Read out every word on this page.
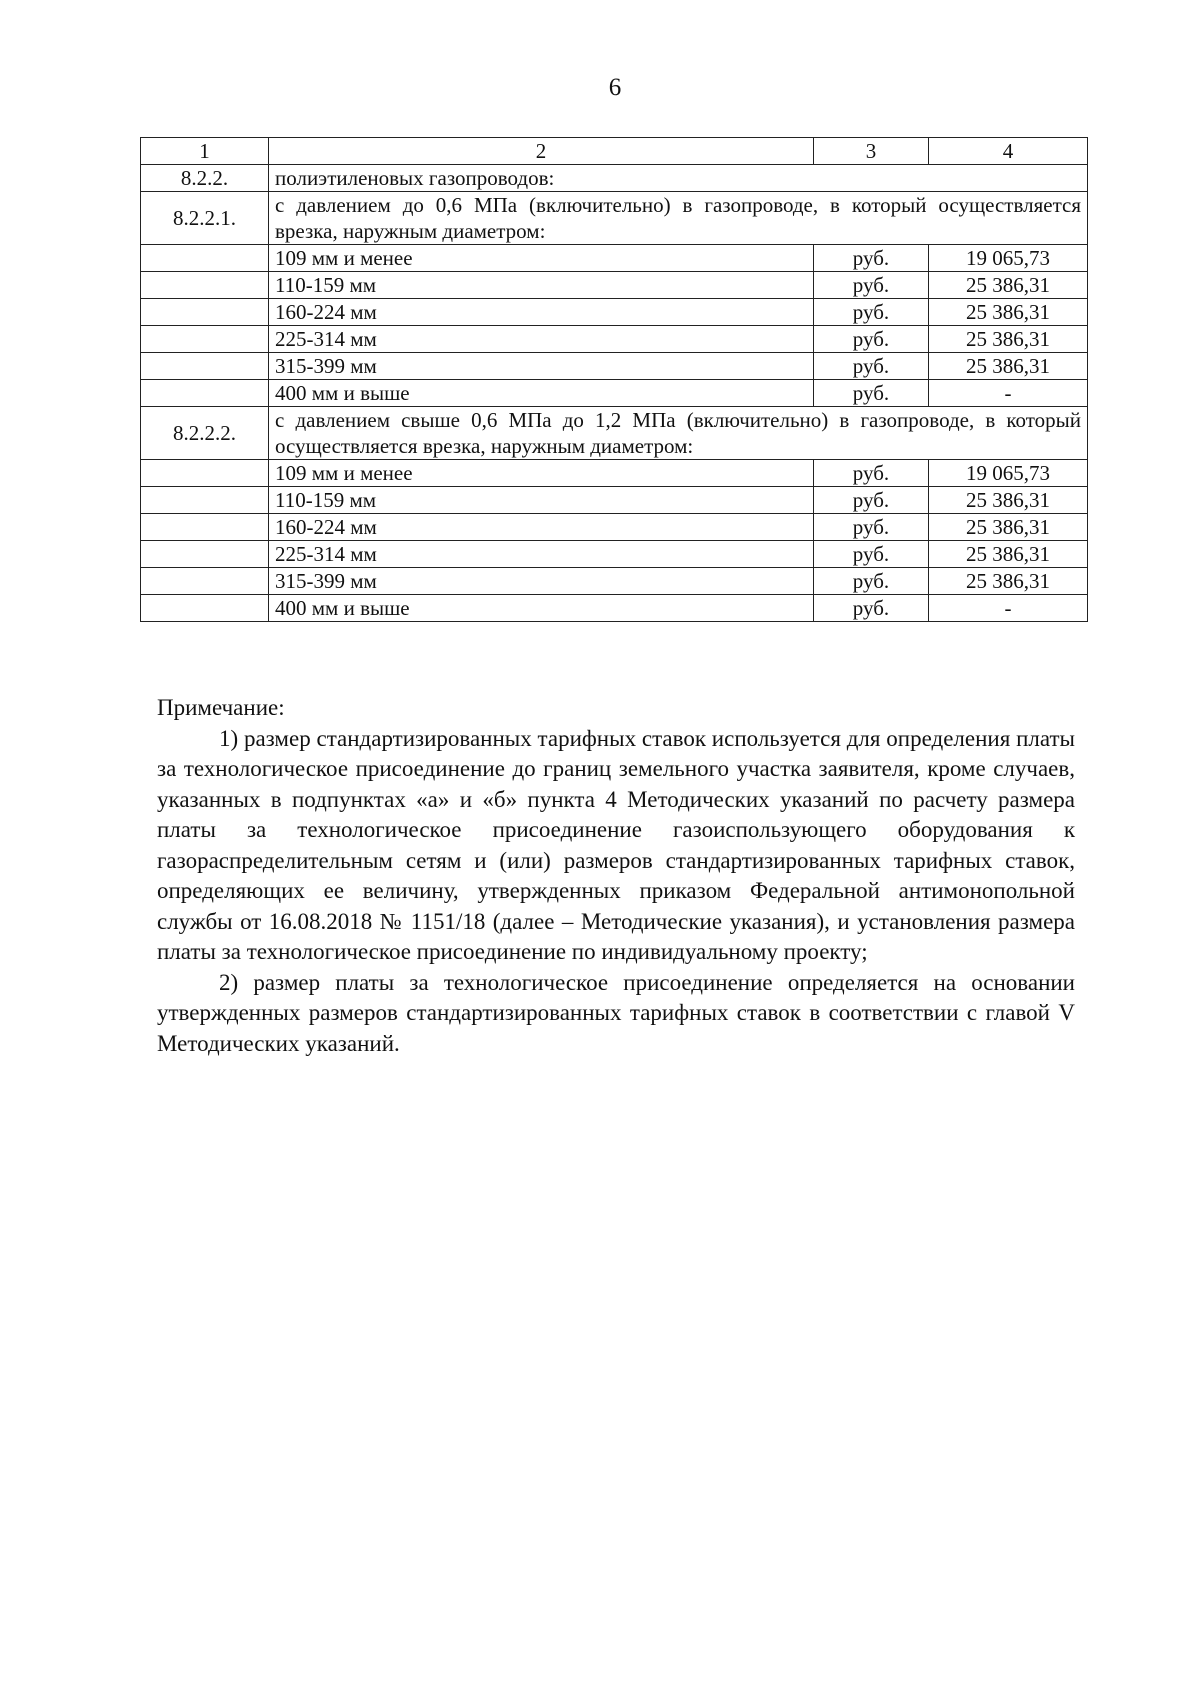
6
1	2	3	4
8.2.2.	полиэтиленовых газопроводов:		
8.2.2.1.	с давлением до 0,6 МПа (включительно) в газопроводе, в который осуществляется врезка, наружным диаметром:		
	109 мм и менее	руб.	19 065,73
	110-159 мм	руб.	25 386,31
	160-224 мм	руб.	25 386,31
	225-314 мм	руб.	25 386,31
	315-399 мм	руб.	25 386,31
	400 мм и выше	руб.	-
8.2.2.2.	с давлением свыше 0,6 МПа до 1,2 МПа (включительно) в газопроводе, в который осуществляется врезка, наружным диаметром:		
	109 мм и менее	руб.	19 065,73
	110-159 мм	руб.	25 386,31
	160-224 мм	руб.	25 386,31
	225-314 мм	руб.	25 386,31
	315-399 мм	руб.	25 386,31
	400 мм и выше	руб.	-

Примечание:

1) размер стандартизированных тарифных ставок используется для определения платы за технологическое присоединение до границ земельного участка заявителя, кроме случаев, указанных в подпунктах «а» и «б» пункта 4 Методических указаний по расчету размера платы за технологическое присоединение газоиспользующего оборудования к газораспределительным сетям и (или) размеров стандартизированных тарифных ставок, определяющих ее величину, утвержденных приказом Федеральной антимонопольной службы от 16.08.2018 № 1151/18 (далее – Методические указания), и установления размера платы за технологическое присоединение по индивидуальному проекту;

2) размер платы за технологическое присоединение определяется на основании утвержденных размеров стандартизированных тарифных ставок в соответствии с главой V Методических указаний.
